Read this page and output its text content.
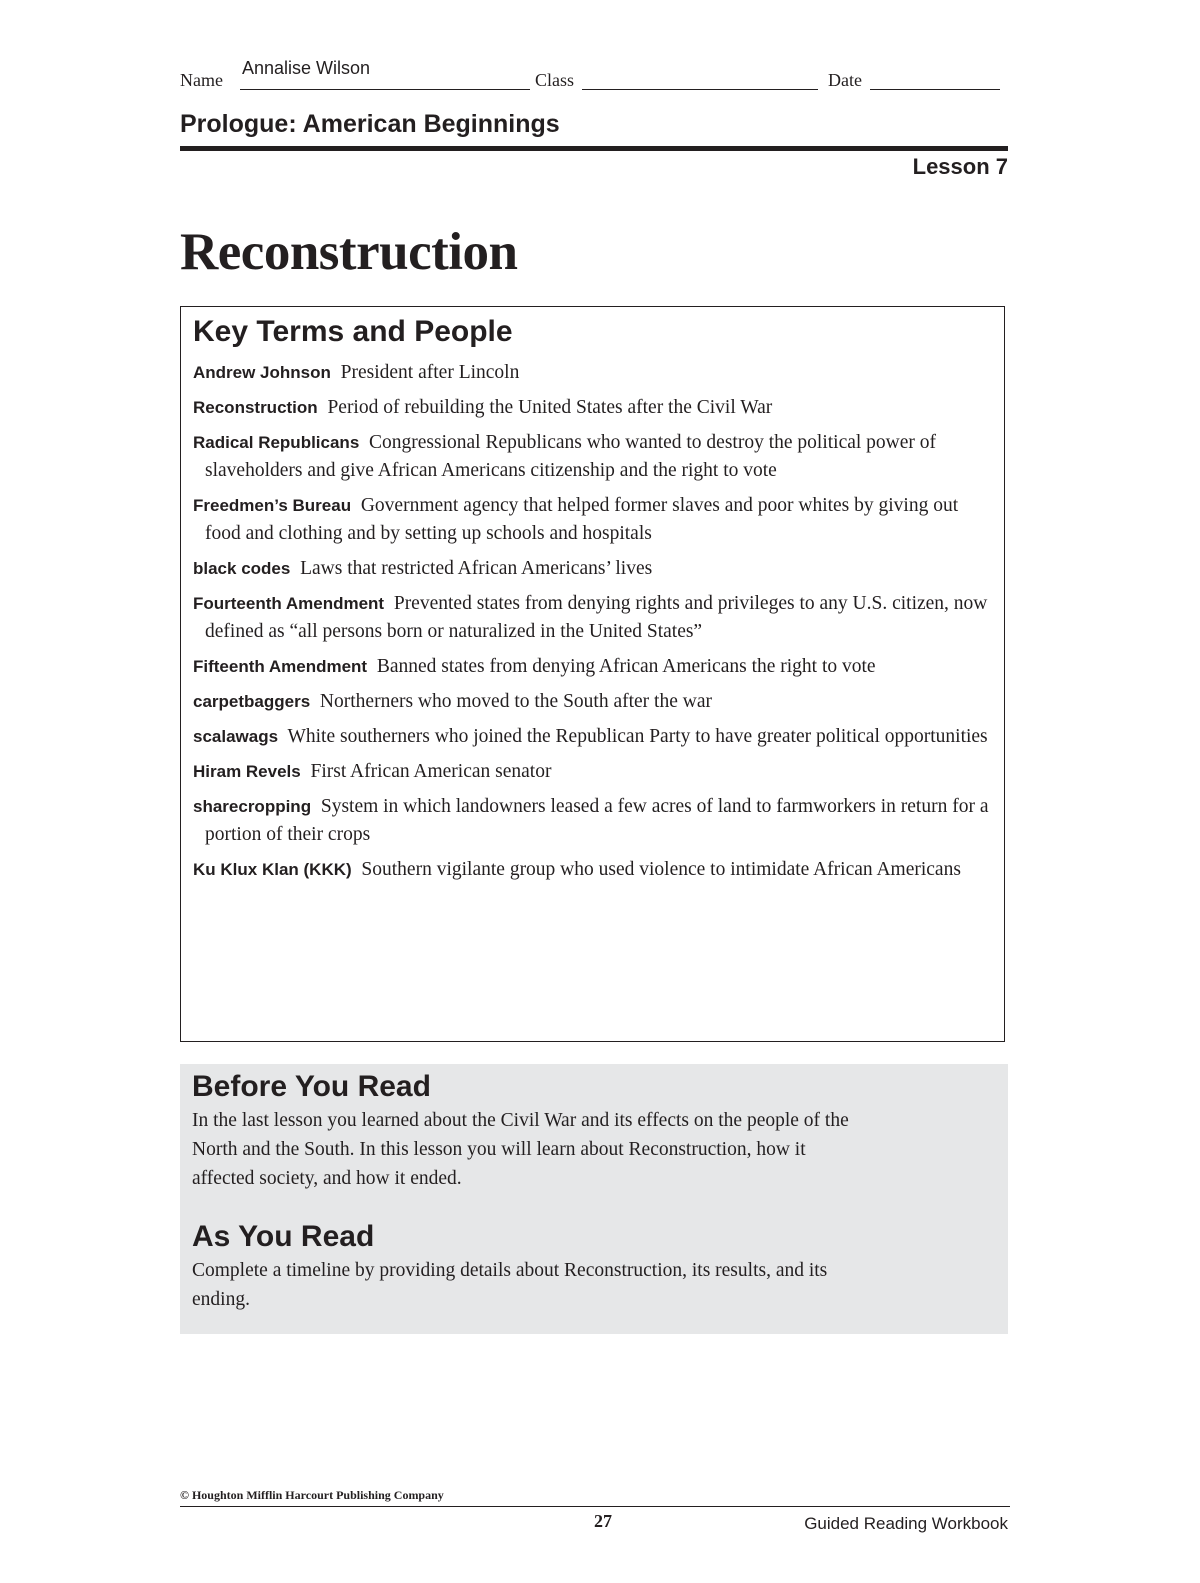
Name
Annalise Wilson
Class	Date
Prologue: American Beginnings
Lesson 7
Reconstruction
Key Terms and People
Andrew Johnson President after Lincoln
Reconstruction Period of rebuilding the United States after the Civil War
Radical Republicans Congressional Republicans who wanted to destroy the political power of slaveholders and give African Americans citizenship and the right to vote
Freedmen’s Bureau Government agency that helped former slaves and poor whites by giving out food and clothing and by setting up schools and hospitals
black codes Laws that restricted African Americans’ lives
Fourteenth Amendment Prevented states from denying rights and privileges to any U.S. citizen, now defined as “all persons born or naturalized in the United States”
Fifteenth Amendment Banned states from denying African Americans the right to vote
carpetbaggers Northerners who moved to the South after the war
scalawags White southerners who joined the Republican Party to have greater political opportunities
Hiram Revels First African American senator
sharecropping System in which landowners leased a few acres of land to farmworkers in return for a portion of their crops
Ku Klux Klan (KKK) Southern vigilante group who used violence to intimidate African Americans
Before You Read

In the last lesson you learned about the Civil War and its effects on the people of the North and the South. In this lesson you will learn about Reconstruction, how it affected society, and how it ended.

As You Read

Complete a timeline by providing details about Reconstruction, its results, and its ending.

© Houghton Mifflin Harcourt Publishing Company
27	Guided Reading Workbook
